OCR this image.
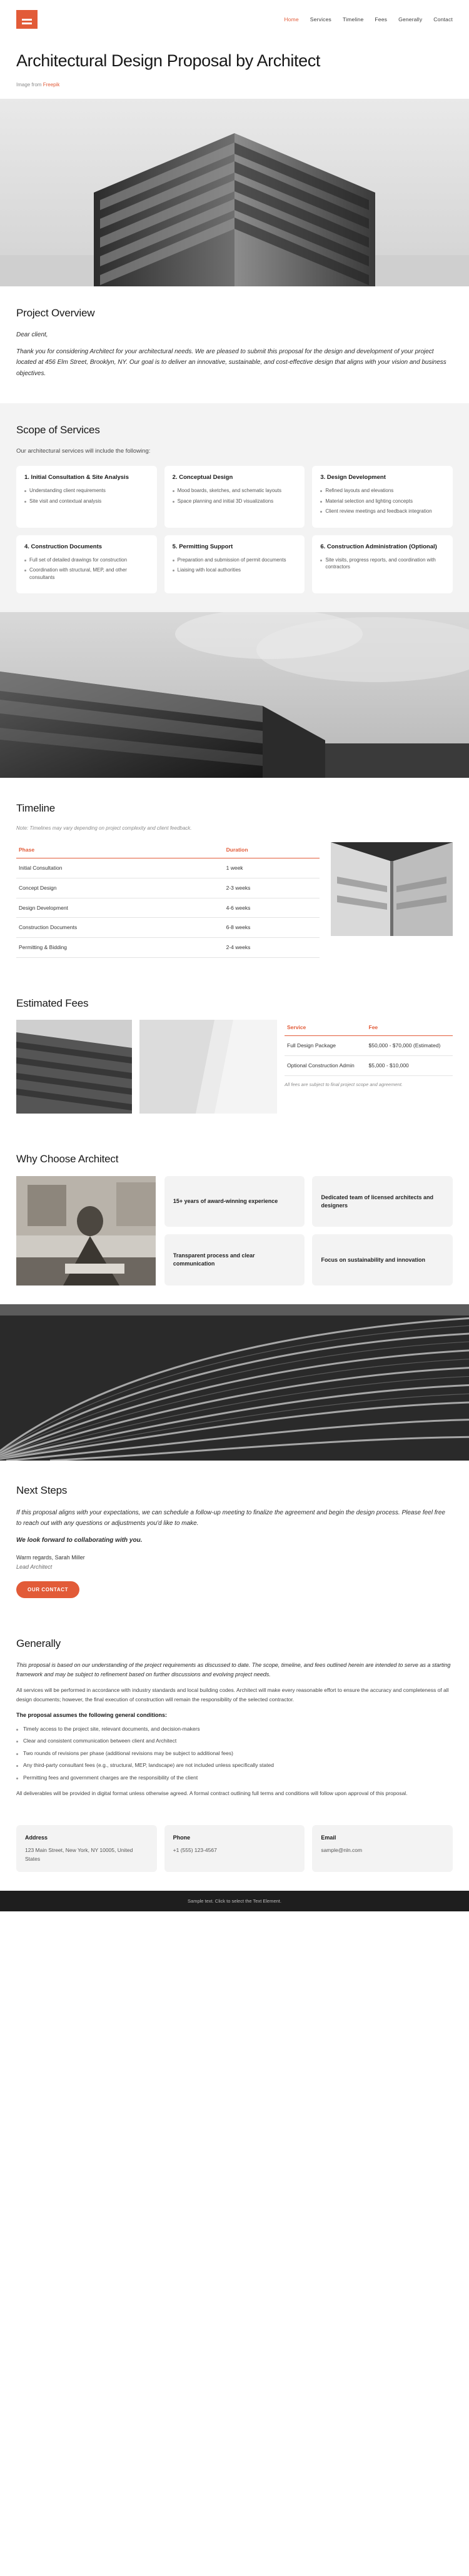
Home Services Timeline Fees Generally Contact
Architectural Design Proposal by Architect
Image from Freepik
Project Overview

Dear client,

Thank you for considering Architect for your architectural needs. We are pleased to submit this proposal for the design and development of your project located at 456 Elm Street, Brooklyn, NY. Our goal is to deliver an innovative, sustainable, and cost-effective design that aligns with your vision and business objectives.

Scope of Services
Our architectural services will include the following:
1. Initial Consultation & Site Analysis
Understanding client requirements
Site visit and contextual analysis
2. Conceptual Design
Mood boards, sketches, and schematic layouts
Space planning and initial 3D visualizations
3. Design Development
Refined layouts and elevations
Material selection and lighting concepts
Client review meetings and feedback integration
4. Construction Documents
Full set of detailed drawings for construction
Coordination with structural, MEP, and other consultants
5. Permitting Support
Preparation and submission of permit documents
Liaising with local authorities
6. Construction Administration (Optional)
Site visits, progress reports, and coordination with contractors
Timeline
Note: Timelines may vary depending on project complexity and client feedback.
Phase	Duration
Initial Consultation	1 week
Concept Design	2-3 weeks
Design Development	4-6 weeks
Construction Documents	6-8 weeks
Permitting & Bidding	2-4 weeks
Estimated Fees
Service	Fee
Full Design Package	$50,000 - $70,000 (Estimated)
Optional Construction Admin	$5,000 - $10,000
All fees are subject to final project scope and agreement.
Why Choose Architect
15+ years of award-winning experience
Dedicated team of licensed architects and designers
Transparent process and clear communication
Focus on sustainability and innovation
Next Steps

If this proposal aligns with your expectations, we can schedule a follow-up meeting to finalize the agreement and begin the design process. Please feel free to reach out with any questions or adjustments you'd like to make.

We look forward to collaborating with you.

Warm regards, Sarah Miller
Lead Architect
OUR CONTACT
Generally

This proposal is based on our understanding of the project requirements as discussed to date. The scope, timeline, and fees outlined herein are intended to serve as a starting framework and may be subject to refinement based on further discussions and evolving project needs.

All services will be performed in accordance with industry standards and local building codes. Architect will make every reasonable effort to ensure the accuracy and completeness of all design documents; however, the final execution of construction will remain the responsibility of the selected contractor.

The proposal assumes the following general conditions:
Timely access to the project site, relevant documents, and decision-makers
Clear and consistent communication between client and Architect
Two rounds of revisions per phase (additional revisions may be subject to additional fees)
Any third-party consultant fees (e.g., structural, MEP, landscape) are not included unless specifically stated
Permitting fees and government charges are the responsibility of the client

All deliverables will be provided in digital format unless otherwise agreed. A formal contract outlining full terms and conditions will follow upon approval of this proposal.

Address
123 Main Street, New York, NY 10005, United States
Phone
+1 (555) 123-4567
Email
sample@nln.com
Sample text. Click to select the Text Element.
